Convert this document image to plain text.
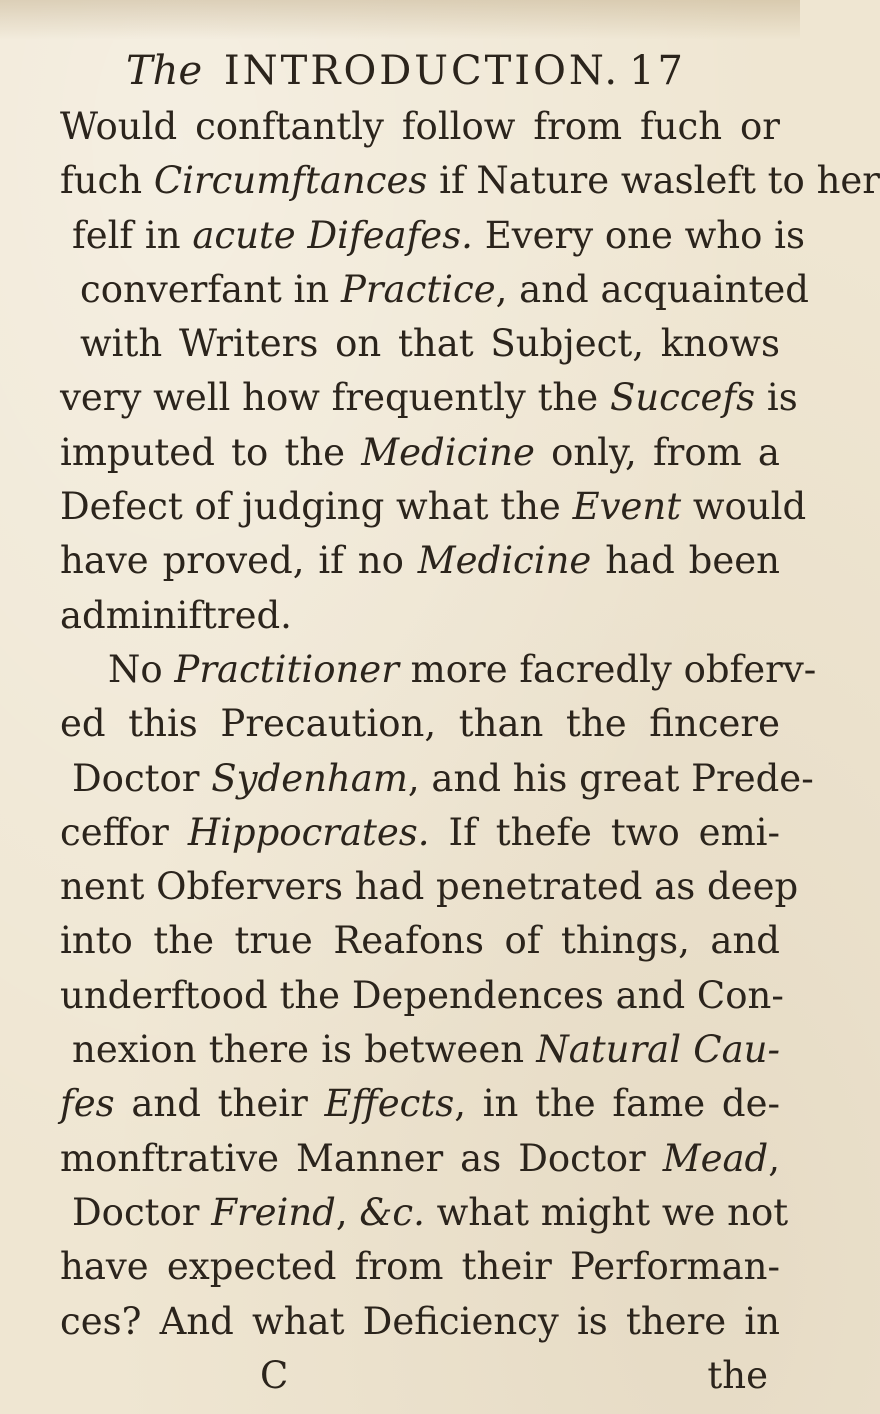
The INTRODUCTION. 17
Would conftantly follow from fuch or
fuch Circumftances if Nature wasleft to her
felf in acute Difeafes. Every one who is
converfant in Practice, and acquainted
with Writers on that Subject, knows
very well how frequently the Succefs is
imputed to the Medicine only, from a
Defect of judging what the Event would
have proved, if no Medicine had been
adminiftred.
No Practitioner more facredly obferv-
ed this Precaution, than the fincere
Doctor Sydenham, and his great Prede-
ceffor Hippocrates. If thefe two emi-
nent Obfervers had penetrated as deep
into the true Reafons of things, and
underftood the Dependences and Con-
nexion there is between Natural Cau-
fes and their Effects, in the fame de-
monftrative Manner as Doctor Mead,
Doctor Freind, &c. what might we not
have expected from their Performan-
ces? And what Deficiency is there in
C	the
